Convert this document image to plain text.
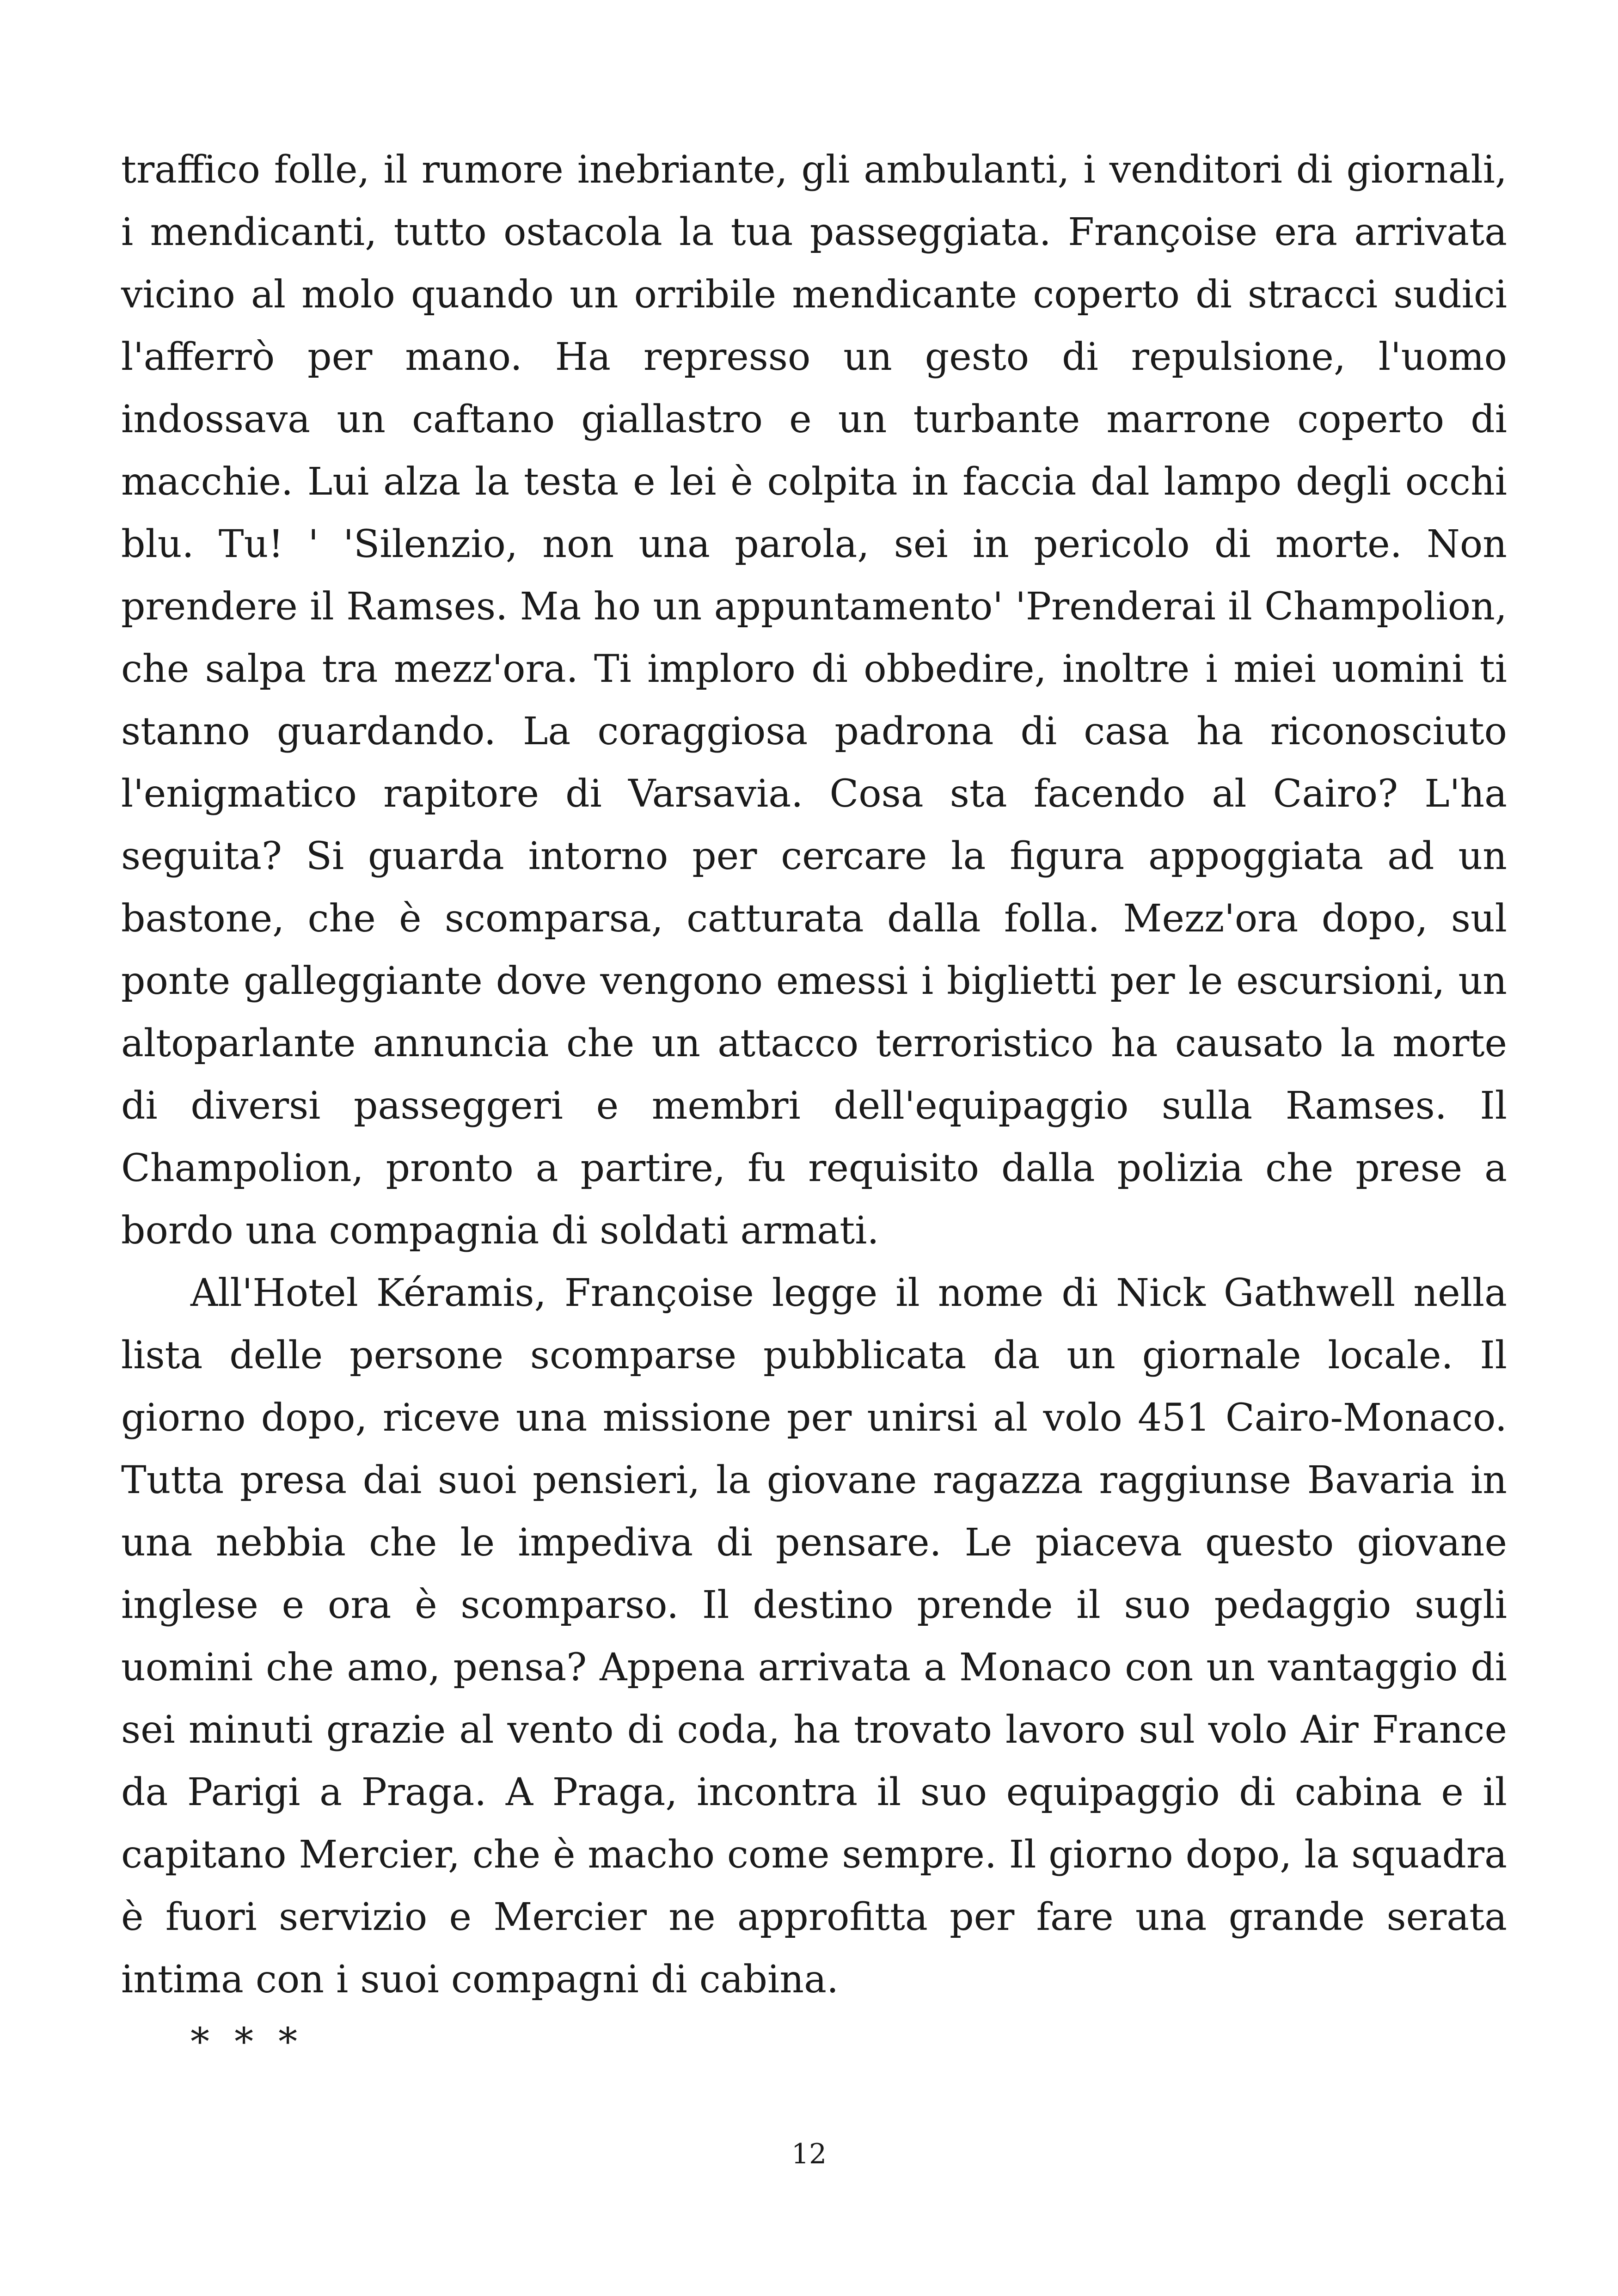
traffico folle, il rumore inebriante, gli ambulanti, i venditori di giornali, i mendicanti, tutto ostacola la tua passeggiata. Françoise era arrivata vicino al molo quando un orribile mendicante coperto di stracci sudici l'afferrò per mano. Ha represso un gesto di repulsione, l'uomo indossava un caftano giallastro e un turbante marrone coperto di macchie. Lui alza la testa e lei è colpita in faccia dal lampo degli occhi blu. Tu! ' 'Silenzio, non una parola, sei in pericolo di morte. Non prendere il Ramses. Ma ho un appuntamento' 'Prenderai il Champolion, che salpa tra mezz'ora. Ti imploro di obbedire, inoltre i miei uomini ti stanno guardando. La coraggiosa padrona di casa ha riconosciuto l'enigmatico rapitore di Varsavia. Cosa sta facendo al Cairo? L'ha seguita? Si guarda intorno per cercare la figura appoggiata ad un bastone, che è scomparsa, catturata dalla folla. Mezz'ora dopo, sul ponte galleggiante dove vengono emessi i biglietti per le escursioni, un altoparlante annuncia che un attacco terroristico ha causato la morte di diversi passeggeri e membri dell'equipaggio sulla Ramses. Il Champolion, pronto a partire, fu requisito dalla polizia che prese a bordo una compagnia di soldati armati.

All'Hotel Kéramis, Françoise legge il nome di Nick Gathwell nella lista delle persone scomparse pubblicata da un giornale locale. Il giorno dopo, riceve una missione per unirsi al volo 451 Cairo-Monaco. Tutta presa dai suoi pensieri, la giovane ragazza raggiunse Bavaria in una nebbia che le impediva di pensare. Le piaceva questo giovane inglese e ora è scomparso. Il destino prende il suo pedaggio sugli uomini che amo, pensa? Appena arrivata a Monaco con un vantaggio di sei minuti grazie al vento di coda, ha trovato lavoro sul volo Air France da Parigi a Praga. A Praga, incontra il suo equipaggio di cabina e il capitano Mercier, che è macho come sempre. Il giorno dopo, la squadra è fuori servizio e Mercier ne approfitta per fare una grande serata intima con i suoi compagni di cabina.

* * *

12
